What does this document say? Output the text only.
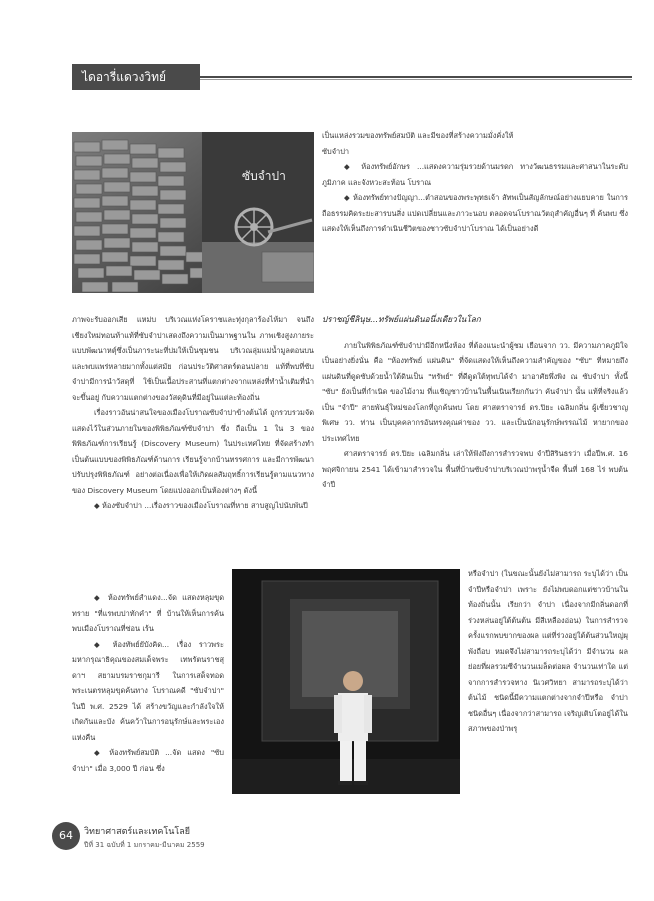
ไดอารี่แดวงวิทย์
ซับจำปา

เป็นแหล่งรวมของทรัพย์สมบัติ และมีของที่สร้างความมั่งคั่งให้

ซับจำปา

◆ ห้องทรัพย์อักษร ...แสดงความรุ่มรวยด้านมรดก ทางวัฒนธรรมและศาสนาในระดับภูมิภาค และจังหวะสะท้อน โบราณ

◆ ห้องทรัพย์ทางปัญญา...ตำสอนของพระพุทธเจ้า สัทพเป็นสัญลักษณ์อย่างแยบคาย ในการถือธรรมคิดระยะสารบนสิ่ง แปดเปลี่ยนและภาวะนอบ ตลอดจนโบราณวัตถุสำคัญอื่นๆ ที่ ค้นพบ ซึ่งแสดงให้เห็นถึงการดำเนินชีวิตของชาวซับจำปาโบราณ ได้เป็นอย่างดี

ภาพจะรับออกเสีย แหม่บ บริเวณแห่งโคราชและทุ่งกุลาร้องไห้มา จนถึงเชียงใหม่ทอนท้าแท้ที่ซับจำปาเสดงถึงความเป็นมาพฐานใน ภาพเชิงสูงภายระแบบพัฒนาหตุ์ซึ่งเป็นภาระนะที่บ่มให้เป็นชุมชน บริเวณลุ่มแม่น้ำมูลตอนบน และพบแพร่หลายมากทั้งแต่สมัย ก่อนประวัติศาสตร์ตอนปลาย แท้ที่พบที่ซับจำปามีการนำวัสดุที่ ใช้เป็นเนื้อประสานที่แตกต่างจากแหล่งที่ทำน้ำเติมที่นำจะขึ้นอยู่ กับความแตกต่างของวัสดุดินที่มีอยู่ในแต่ละท้องถิ่น

เรื่องราวอันน่าสนใจของเมืองโบราณซับจำปาข้างต้นได้ ถูกรวบรวมจัดแสดงไว้ในส่วนภายในของพิพิธภัณฑ์ซับจำปา ซึ่ง ถือเป็น 1 ใน 3 ของพิพิธภัณฑ์การเรียนรู้ (Discovery Museum) ในประเทศไทย ที่จัดสร้างทำเป็นต้นแบบของพิพิธภัณฑ์ด้านการ เรียนรู้จากบ้านทรรศการ และมีการพัฒนาปรับปรุงพิพิธภัณฑ์ อย่างต่อเนื่องเพื่อให้เกิดผลสัมฤทธิ์การเรียนรู้ตามแนวทาง ของ Discovery Museum โดยแบ่งออกเป็นห้องต่างๆ ดังนี้

◆ ห้องซับจำปา ...เรื่องราวของเมืองโบราณที่หาย สาบสูญไปนับพันปี

◆ ห้องทรัพย์สำแดง...จัด แสดงหลุมขุดทราย "ที่แรพบปาทักคำ" ที่ บ้านให้เห็นการค้นพบเมืองโบราณที่ซ่อน เร้น

◆ ห้องทัพย์ยับังคิด... เรื่อง ราวพระมหากรุณาธิคุณของสมเด็จพระ เทพรัตนราชสุดาฯ สยามบรมราชกุมารี ในการเสด็จทอดพระเนตรหลุมขุดค้นทาง โบราณคดี "ซับจำปา" ในปี พ.ศ. 2529 ได้ สร้างขวัญและกำลังใจให้เกิดกันและบัง ค้นคว้าในการอนุรักษ์และพระเองแห่งคืน

◆ ห้องทรัพย์สมบัติ ...จัด แสดง "ซับจำปา" เมื่อ 3,000 ปี ก่อน ซึ่ง

ปราชญ์ชีลินุษ...ทรัพย์แผ่นดินอนึ่งเดียวในโลก

ภายในพิพิธภัณฑ์ซับจำปามีอีกหนึ่งห้อง ที่ต้องแนะนำผู้ชม เยือนจาก วว. มีความภาคภูมิใจเป็นอย่างยิ่งนั่น คือ "ห้องทรัพย์ แผ่นดิน" ที่จัดแสดงให้เห็นถึงความสำคัญของ "ซับ" ที่หมายถึง แผ่นดินที่ดูดซับด้วยน้ำใต้ดินเป็น "ทรัพย์" ที่ดีดูดใต้ทุพบได้จำ มาอาศัยพึ่งพิง ณ ซับจำปา ทั้งนี้ "ซับ" ยังเป็นที่กำเนิด ของไม้งาม ที่แเชิญชาวบ้านในพื้นเนินเรียกกันว่า คันจำปา นั้น แท้ที่จริงแล้วเป็น "จำปี" สายพันธุ์ใหม่ของโลกที่ถูกค้นพบ โดย ศาสตราจารย์ ดร.ปิยะ เฉลิมกลิ่น ผู้เชี่ยวชาญพิเศษ วว. ท่าน เป็นบุคคลากรอันทรงคุณค่าของ วว. และเป็นนักอนุรักษ์พรรณไม้ หายากของประเทศไทย

ศาสตราจารย์ ดร.ปิยะ เฉลิมกลิ่น เล่าให้ฟังถึงการสำรวจพบ จำปีสิรินธรว่า เมื่อปีพ.ศ. 16 พฤศจิกายน 2541 ได้เข้ามาสำรวจใน พื้นที่บ้านซับจำปาบริเวณป่าพรุน้ำจืด พื้นที่ 168 ไร่ พบต้นจำปี

หรือจำปา (ในขณะนั้นยังไม่สามารถ ระบุได้ว่า เป็นจำปีหรือจำปา เพราะ ยังไม่พบดอกแต่ชาวบ้านในท้องถิ่นนั้น เรียกว่า จำปา เนื่องจากมีกลิ่นดอกที่ ร่วงหล่นอยู่ใต้ต้นต้น มีสีเหลืองอ่อน) ในการสำรวจครั้งแรกพบขากของผล แต่ที่ร่วงอยู่ใต้ต้นส่วนใหญ่ผุพังถือบ หมดจึงไม่สามารถระบุได้ว่า มีจำนวน ผลย่อยที่ผลรวมซีจำนวนเมล็ดต่อผล จำนวนเท่าใด แต่จากการสำรวจทาง นิเวศวิทยา สามารถระบุได้ว่า ต้นไม้ ชนิดนี้มีความแตกต่างจากจำปีหรือ จำปาชนิดอื่นๆ เนื่องจากว่าสามารถ เจริญเติบโตอยู่ได้ในสภาพของป่าพรุ

64	วิทยาศาสตร์และเทคโนโลยี
ปีที่ 31 ฉบับที่ 1 มกราคม-มีนาคม 2559
